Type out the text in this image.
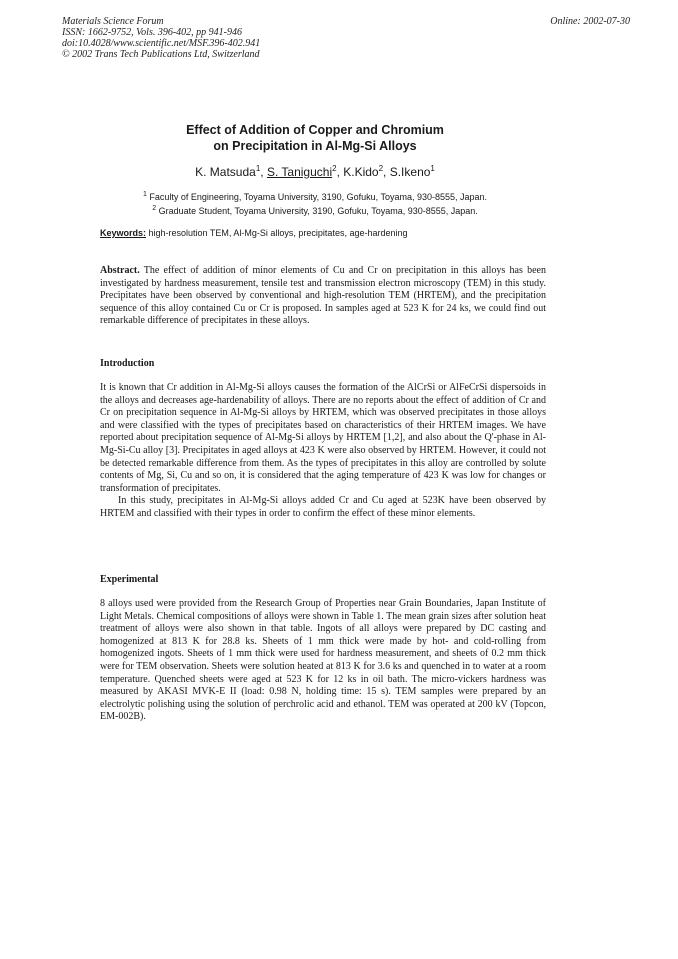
Materials Science Forum
ISSN: 1662-9752, Vols. 396-402, pp 941-946
doi:10.4028/www.scientific.net/MSF.396-402.941
© 2002 Trans Tech Publications Ltd, Switzerland
Online: 2002-07-30
Effect of Addition of Copper and Chromium
on Precipitation in Al-Mg-Si Alloys
K. Matsuda$^1$, S. Taniguchi$^2$, K.Kido$^2$, S.Ikeno$^1$
$^1$ Faculty of Engineering, Toyama University, 3190, Gofuku, Toyama, 930-8555, Japan.
$^2$ Graduate Student, Toyama University, 3190, Gofuku, Toyama, 930-8555, Japan.
Keywords: high-resolution TEM, Al-Mg-Si alloys, precipitates, age-hardening
Abstract. The effect of addition of minor elements of Cu and Cr on precipitation in this alloys has been investigated by hardness measurement, tensile test and transmission electron microscopy (TEM) in this study. Precipitates have been observed by conventional and high-resolution TEM (HRTEM), and the precipitation sequence of this alloy contained Cu or Cr is proposed. In samples aged at 523 K for 24 ks, we could find out remarkable difference of precipitates in these alloys.
Introduction

It is known that Cr addition in Al-Mg-Si alloys causes the formation of the AlCrSi or AlFeCrSi dispersoids in the alloys and decreases age-hardenability of alloys. There are no reports about the effect of addition of Cr and Cr on precipitation sequence in Al-Mg-Si alloys by HRTEM, which was observed precipitates in those alloys and were classified with the types of precipitates based on characteristics of their HRTEM images. We have reported about precipitation sequence of Al-Mg-Si alloys by HRTEM [1,2], and also about the Q'-phase in Al-Mg-Si-Cu alloy [3]. Precipitates in aged alloys at 423 K were also observed by HRTEM. However, it could not be detected remarkable difference from them. As the types of precipitates in this alloy are controlled by solute contents of Mg, Si, Cu and so on, it is considered that the aging temperature of 423 K was low for changes or transformation of precipitates.

In this study, precipitates in Al-Mg-Si alloys added Cr and Cu aged at 523K have been observed by HRTEM and classified with their types in order to confirm the effect of these minor elements.

Experimental

8 alloys used were provided from the Research Group of Properties near Grain Boundaries, Japan Institute of Light Metals. Chemical compositions of alloys were shown in Table 1. The mean grain sizes after solution heat treatment of alloys were also shown in that table. Ingots of all alloys were prepared by DC casting and homogenized at 813 K for 28.8 ks. Sheets of 1 mm thick were made by hot- and cold-rolling from homogenized ingots. Sheets of 1 mm thick were used for hardness measurement, and sheets of 0.2 mm thick were for TEM observation. Sheets were solution heated at 813 K for 3.6 ks and quenched in to water at a room temperature. Quenched sheets were aged at 523 K for 12 ks in oil bath. The micro-vickers hardness was measured by AKASI MVK-E II (load: 0.98 N, holding time: 15 s). TEM samples were prepared by an electrolytic polishing using the solution of perchrolic acid and ethanol. TEM was operated at 200 kV (Topcon, EM-002B).
